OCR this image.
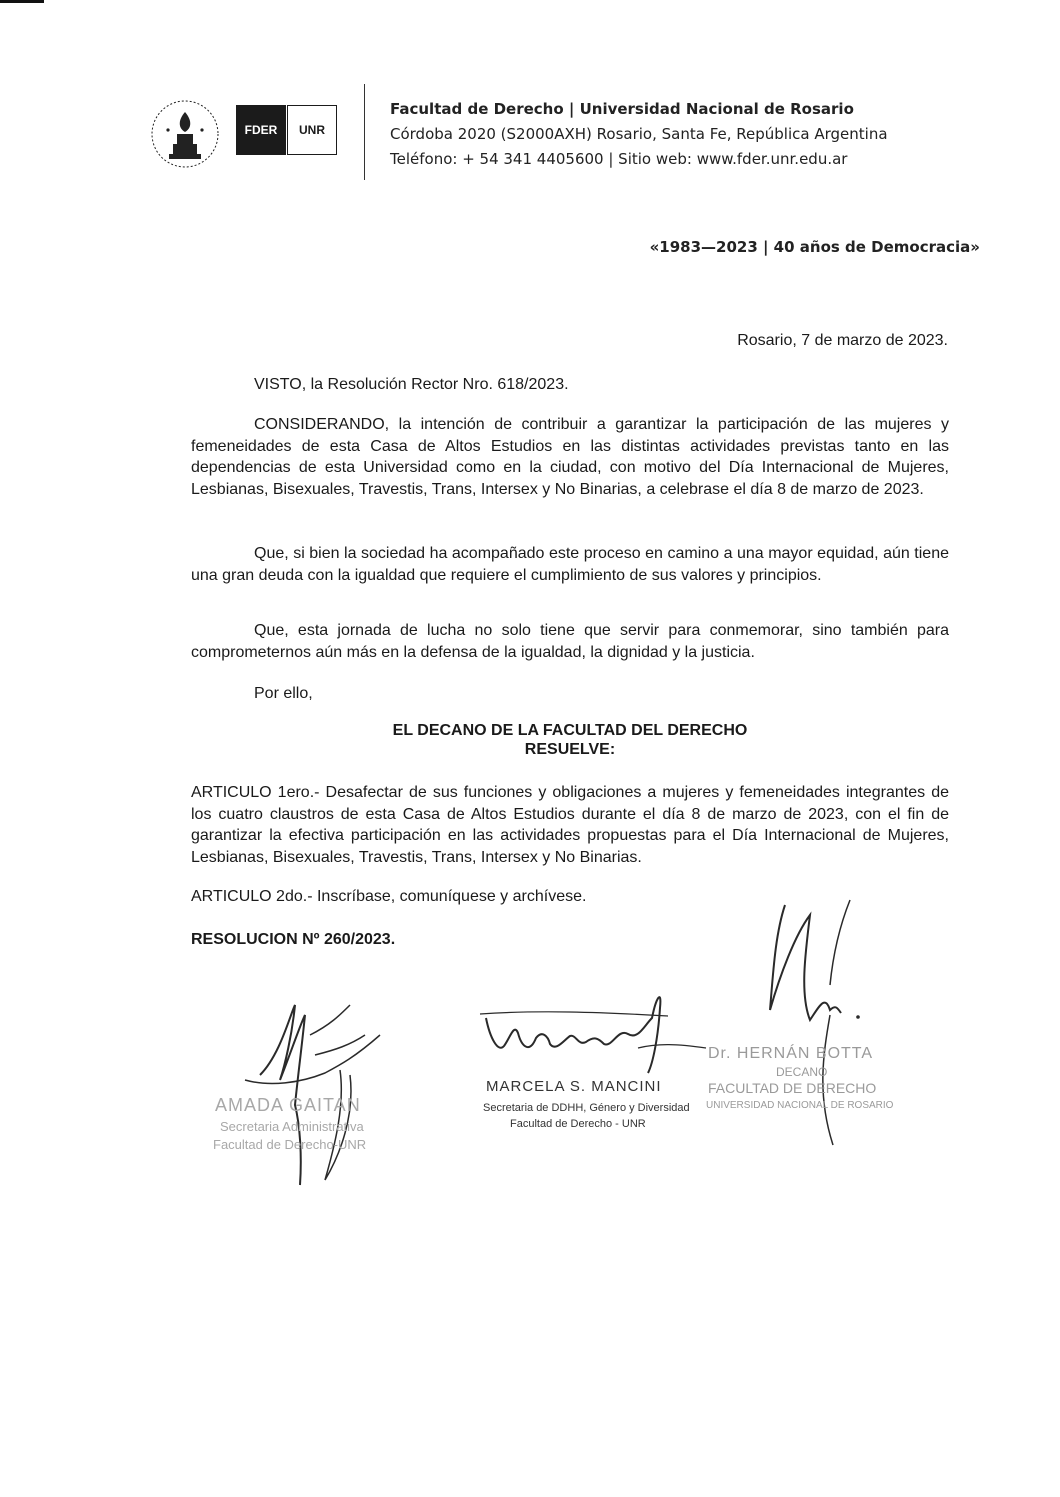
FDER	UNR
Facultad de Derecho | Universidad Nacional de Rosario
Córdoba 2020 (S2000AXH) Rosario, Santa Fe, República Argentina
Teléfono: + 54 341 4405600 | Sitio web: www.fder.unr.edu.ar
«1983—2023 | 40 años de Democracia»
Rosario, 7 de marzo de 2023.
VISTO, la Resolución Rector Nro. 618/2023.
CONSIDERANDO, la intención de contribuir a garantizar la participación de las mujeres y femeneidades de esta Casa de Altos Estudios en las distintas actividades previstas tanto en las dependencias de esta Universidad como en la ciudad, con motivo del Día Internacional de Mujeres, Lesbianas, Bisexuales, Travestis, Trans, Intersex y No Binarias, a celebrase el día 8 de marzo de 2023.
Que, si bien la sociedad ha acompañado este proceso en camino a una mayor equidad, aún tiene una gran deuda con la igualdad que requiere el cumplimiento de sus valores y principios.
Que, esta jornada de lucha no solo tiene que servir para conmemorar, sino también para comprometernos aún más en la defensa de la igualdad, la dignidad y la justicia.
Por ello,
EL DECANO DE LA FACULTAD DEL DERECHO
RESUELVE:
ARTICULO 1ero.- Desafectar de sus funciones y obligaciones a mujeres y femeneidades integrantes de los cuatro claustros de esta Casa de Altos Estudios durante el día 8 de marzo de 2023, con el fin de garantizar la efectiva participación en las actividades propuestas para el Día Internacional de Mujeres, Lesbianas, Bisexuales, Travestis, Trans, Intersex y No Binarias.
ARTICULO 2do.- Inscríbase, comuníquese y archívese.
RESOLUCION Nº 260/2023.
AMADA GAITAN
Secretaria Administrativa
Facultad de Derecho-UNR
MARCELA S. MANCINI
Secretaria de DDHH, Género y Diversidad
Facultad de Derecho - UNR
Dr. HERNÁN BOTTA
DECANO
FACULTAD DE DERECHO
UNIVERSIDAD NACIONAL DE ROSARIO
